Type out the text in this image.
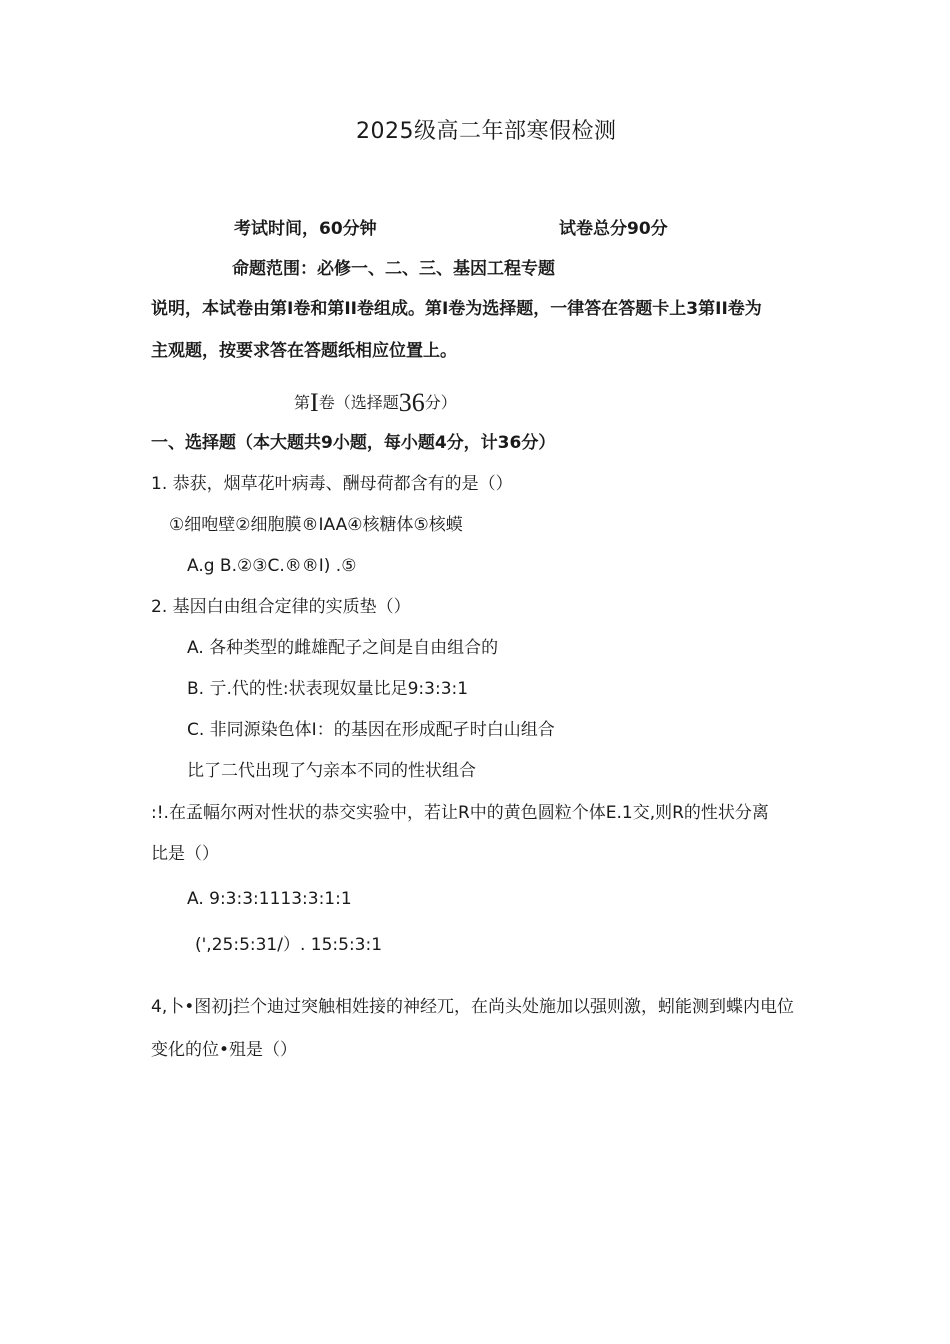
2025级高二年部寒假检测
考试时间，60分钟	试卷总分90分
命题范围：必修一、二、三、基因工程专题
说明，本试卷由第I卷和第II卷组成。第I卷为选择题，一律答在答题卡上3第II卷为
主观题，按要求答在答题纸相应位置上。
第I卷（选择题36分）
一、选择题（本大题共9小题，每小题4分，计36分）
1. 恭获，烟草花叶病毒、酬母荷都含有的是（）
①细咆壁②细胞膜®IAA④核糖体⑤核蟆
A.g B.②③C.®®I) .⑤
2. 基因白由组合定律的实质垫（）
A. 各种类型的雌雄配子之间是自由组合的
B. 亍.代的性:状表现奴量比足9:3:3:1
C. 非同源染色体I：的基因在形成配孑时白山组合
比了二代出现了勺亲本不同的性状组合
:!.在孟幅尔两对性状的恭交实验中，若让R中的黄色圆粒个体E.1交,则R的性状分离
比是（）
A. 9:3:3:1113:3:1:1
(',25:5:31/）. 15:5:3:1
4,卜•图初j拦个迪过突触相姓接的神经兀，在尚头处施加以强则激，蚓能测到蝶内电位
变化的位•殂是（）
